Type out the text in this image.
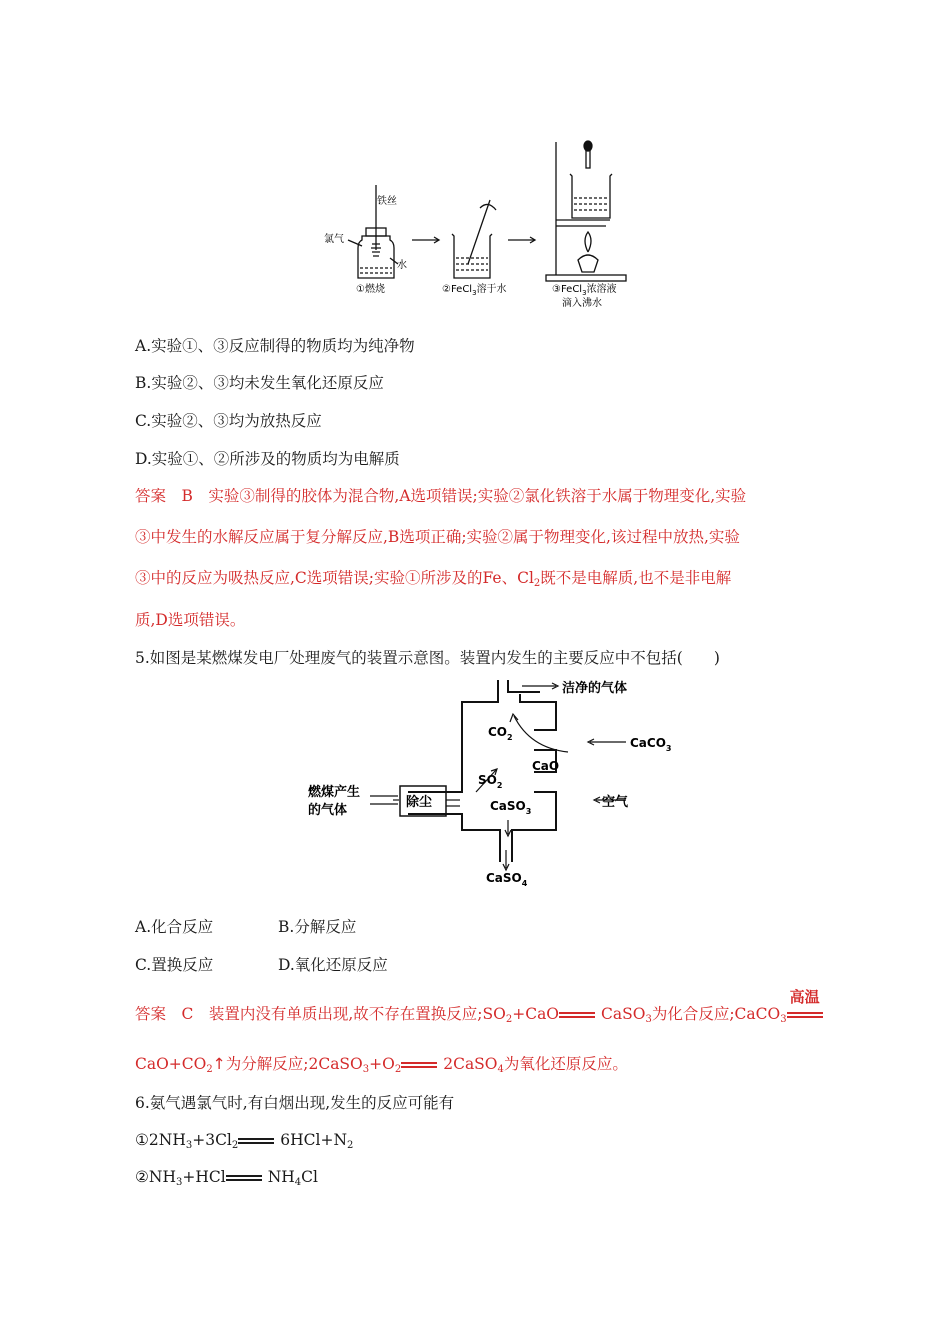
铁丝
氯气
水
①燃烧	②FeCl$_3$溶于水	③FeCl$_3$浓溶液
滴入沸水
A.实验①、③反应制得的物质均为纯净物
B.实验②、③均未发生氧化还原反应
C.实验②、③均为放热反应
D.实验①、②所涉及的物质均为电解质
答案　B　实验③制得的胶体为混合物,A选项错误;实验②氯化铁溶于水属于物理变化,实验
③中发生的水解反应属于复分解反应,B选项正确;实验②属于物理变化,该过程中放热,实验
③中的反应为吸热反应,C选项错误;实验①所涉及的Fe、$Cl_2$既不是电解质,也不是非电解
质,D选项错误。
5.如图是某燃煤发电厂处理废气的装置示意图。装置内发生的主要反应中不包括(　　)
洁净的气体
$CO_2$	CaCO$_3$
CaO
$SO_2$
CaSO$_3$
空气
燃煤产生
的气体
除尘
CaSO$_4$
A.化合反应	B.分解反应
C.置换反应	D.氧化还原反应
答案　C　装置内没有单质出现,故不存在置换反应$;SO_2+CaO$	CaSO$_3$为化合反应;CaCO$_3$
高温
$CaO+CO_2↑$为分解反应$;2CaSO_3+O_2$	2CaSO$_4$为氧化还原反应。
6.氨气遇氯气时,有白烟出现,发生的反应可能有
$①2NH_3+3Cl_2$	$6HCl+N_2$
$②NH_3+HCl$	$NH_4Cl$
